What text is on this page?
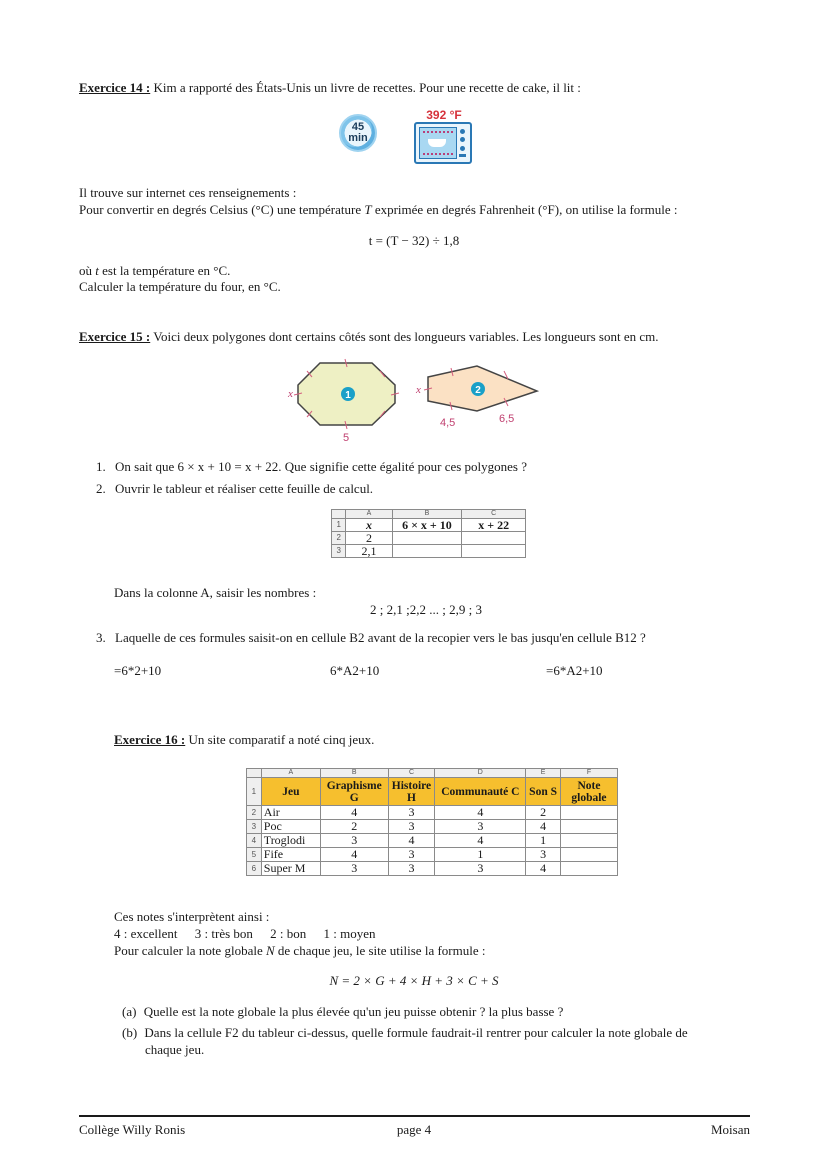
Exercice 14 : Kim a rapporté des États-Unis un livre de recettes. Pour une recette de cake, il lit :
45
min
392 °F
Il trouve sur internet ces renseignements :
Pour convertir en degrés Celsius (°C) une température T exprimée en degrés Fahrenheit (°F), on utilise la formule :
t = (T − 32) ÷ 1,8
où t est la température en °C.
Calculer la température du four, en °C.
Exercice 15 : Voici deux polygones dont certains côtés sont des longueurs variables. Les longueurs sont en cm.
1
x
5
2
x
4,5	6,5
1. On sait que 6 × x + 10 = x + 22. Que signifie cette égalité pour ces polygones ?
2. Ouvrir le tableur et réaliser cette feuille de calcul.
	A	B	C
1	x	6 × x + 10	x + 22
2	2		
3	2,1		
Dans la colonne A, saisir les nombres :
2 ; 2,1 ;2,2 ... ; 2,9 ; 3
3. Laquelle de ces formules saisit-on en cellule B2 avant de la recopier vers le bas jusqu'en cellule B12 ?
=6*2+10	6*A2+10	=6*A2+10
Exercice 16 : Un site comparatif a noté cinq jeux.
	A	B	C	D	E	F
1	Jeu	Graphisme G	Histoire H	Communauté C	Son S	Note globale
2	Air	4	3	4	2	
3	Poc	2	3	3	4	
4	Troglodi	3	4	4	1	
5	Fife	4	3	1	3	
6	Super M	3	3	3	4	
Ces notes s'interprètent ainsi :
4 : excellent 3 : très bon 2 : bon 1 : moyen
Pour calculer la note globale N de chaque jeu, le site utilise la formule :
N = 2 × G + 4 × H + 3 × C + S
(a) Quelle est la note globale la plus élevée qu'un jeu puisse obtenir ? la plus basse ?
(b) Dans la cellule F2 du tableur ci-dessus, quelle formule faudrait-il rentrer pour calculer la note globale de
chaque jeu.
Collège Willy Ronis	page 4	Moisan
